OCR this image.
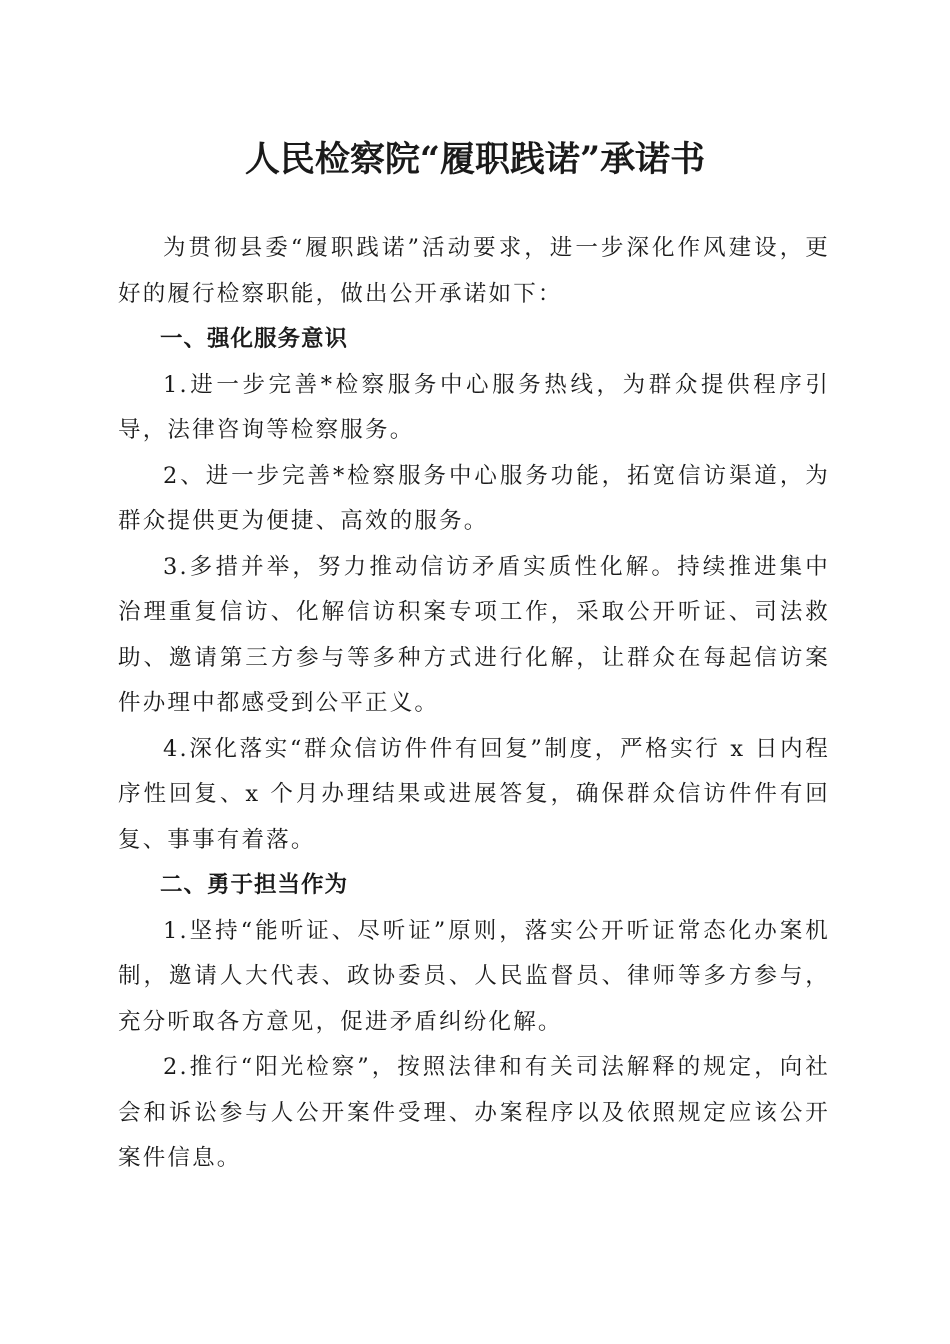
人民检察院“履职践诺”承诺书

为贯彻县委“履职践诺”活动要求，进一步深化作风建设，更好的履行检察职能，做出公开承诺如下：

一、强化服务意识

1.进一步完善*检察服务中心服务热线，为群众提供程序引导，法律咨询等检察服务。

2、进一步完善*检察服务中心服务功能，拓宽信访渠道，为群众提供更为便捷、高效的服务。

3.多措并举，努力推动信访矛盾实质性化解。持续推进集中治理重复信访、化解信访积案专项工作，采取公开听证、司法救助、邀请第三方参与等多种方式进行化解，让群众在每起信访案件办理中都感受到公平正义。

4.深化落实“群众信访件件有回复”制度，严格实行 x 日内程序性回复、x 个月办理结果或进展答复，确保群众信访件件有回复、事事有着落。

二、勇于担当作为

1.坚持“能听证、尽听证”原则，落实公开听证常态化办案机制，邀请人大代表、政协委员、人民监督员、律师等多方参与，充分听取各方意见，促进矛盾纠纷化解。

2.推行“阳光检察”，按照法律和有关司法解释的规定，向社会和诉讼参与人公开案件受理、办案程序以及依照规定应该公开案件信息。
